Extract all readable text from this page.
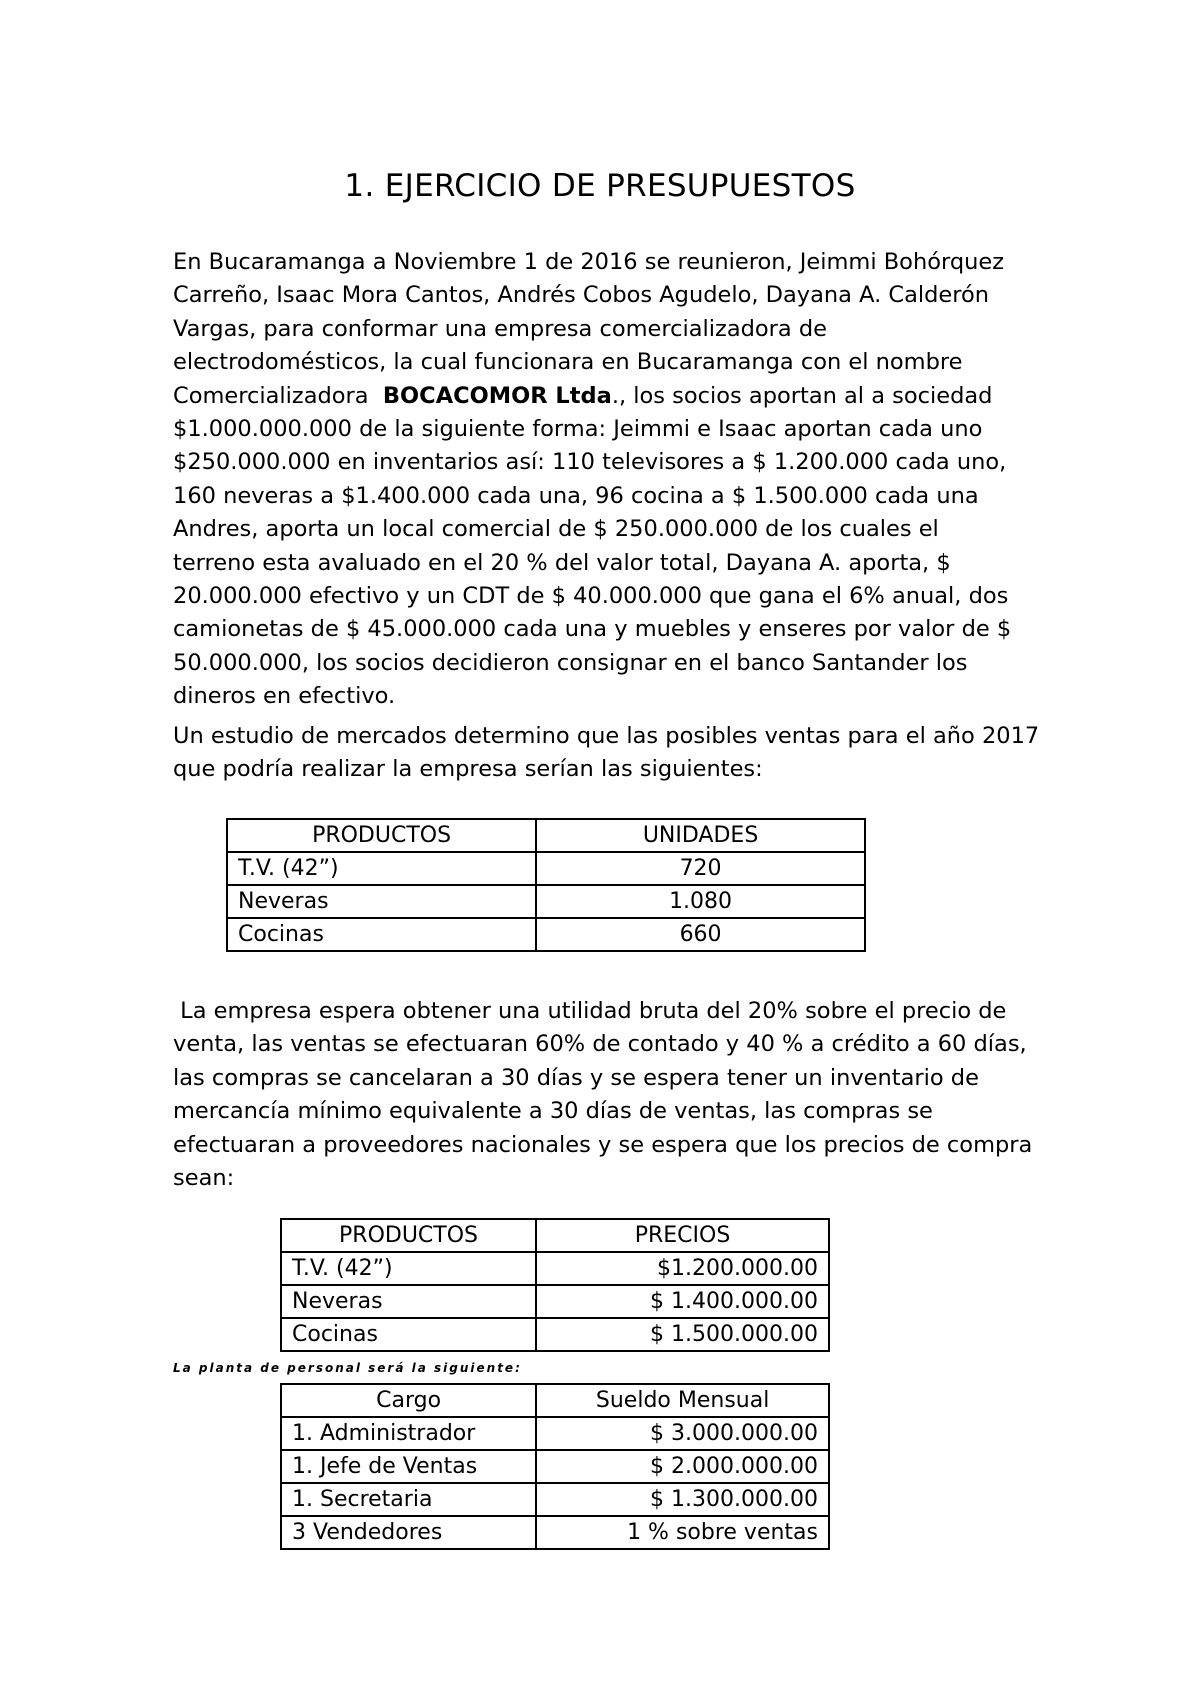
1. EJERCICIO DE PRESUPUESTOS
En Bucaramanga a Noviembre 1 de 2016 se reunieron, Jeimmi Bohórquez
Carreño, Isaac Mora Cantos, Andrés Cobos Agudelo, Dayana A. Calderón
Vargas, para conformar una empresa comercializadora de
electrodomésticos, la cual funcionara en Bucaramanga con el nombre
Comercializadora  BOCACOMOR Ltda., los socios aportan al a sociedad
$1.000.000.000 de la siguiente forma: Jeimmi e Isaac aportan cada uno
$250.000.000 en inventarios así: 110 televisores a $ 1.200.000 cada uno,
160 neveras a $1.400.000 cada una, 96 cocina a $ 1.500.000 cada una
Andres, aporta un local comercial de $ 250.000.000 de los cuales el
terreno esta avaluado en el 20 % del valor total, Dayana A. aporta, $
20.000.000 efectivo y un CDT de $ 40.000.000 que gana el 6% anual, dos
camionetas de $ 45.000.000 cada una y muebles y enseres por valor de $
50.000.000, los socios decidieron consignar en el banco Santander los
dineros en efectivo.
Un estudio de mercados determino que las posibles ventas para el año 2017
que podría realizar la empresa serían las siguientes:
PRODUCTOS	UNIDADES
T.V. (42”)	720
Neveras	1.080
Cocinas	660
La empresa espera obtener una utilidad bruta del 20% sobre el precio de
venta, las ventas se efectuaran 60% de contado y 40 % a crédito a 60 días,
las compras se cancelaran a 30 días y se espera tener un inventario de
mercancía mínimo equivalente a 30 días de ventas, las compras se
efectuaran a proveedores nacionales y se espera que los precios de compra
sean:
PRODUCTOS	PRECIOS
T.V. (42”)	$1.200.000.00
Neveras	$ 1.400.000.00
Cocinas	$ 1.500.000.00

La planta de personal será la siguiente:

Cargo	Sueldo Mensual
1. Administrador	$ 3.000.000.00
1. Jefe de Ventas	$ 2.000.000.00
1. Secretaria	$ 1.300.000.00
3 Vendedores	1 % sobre ventas
